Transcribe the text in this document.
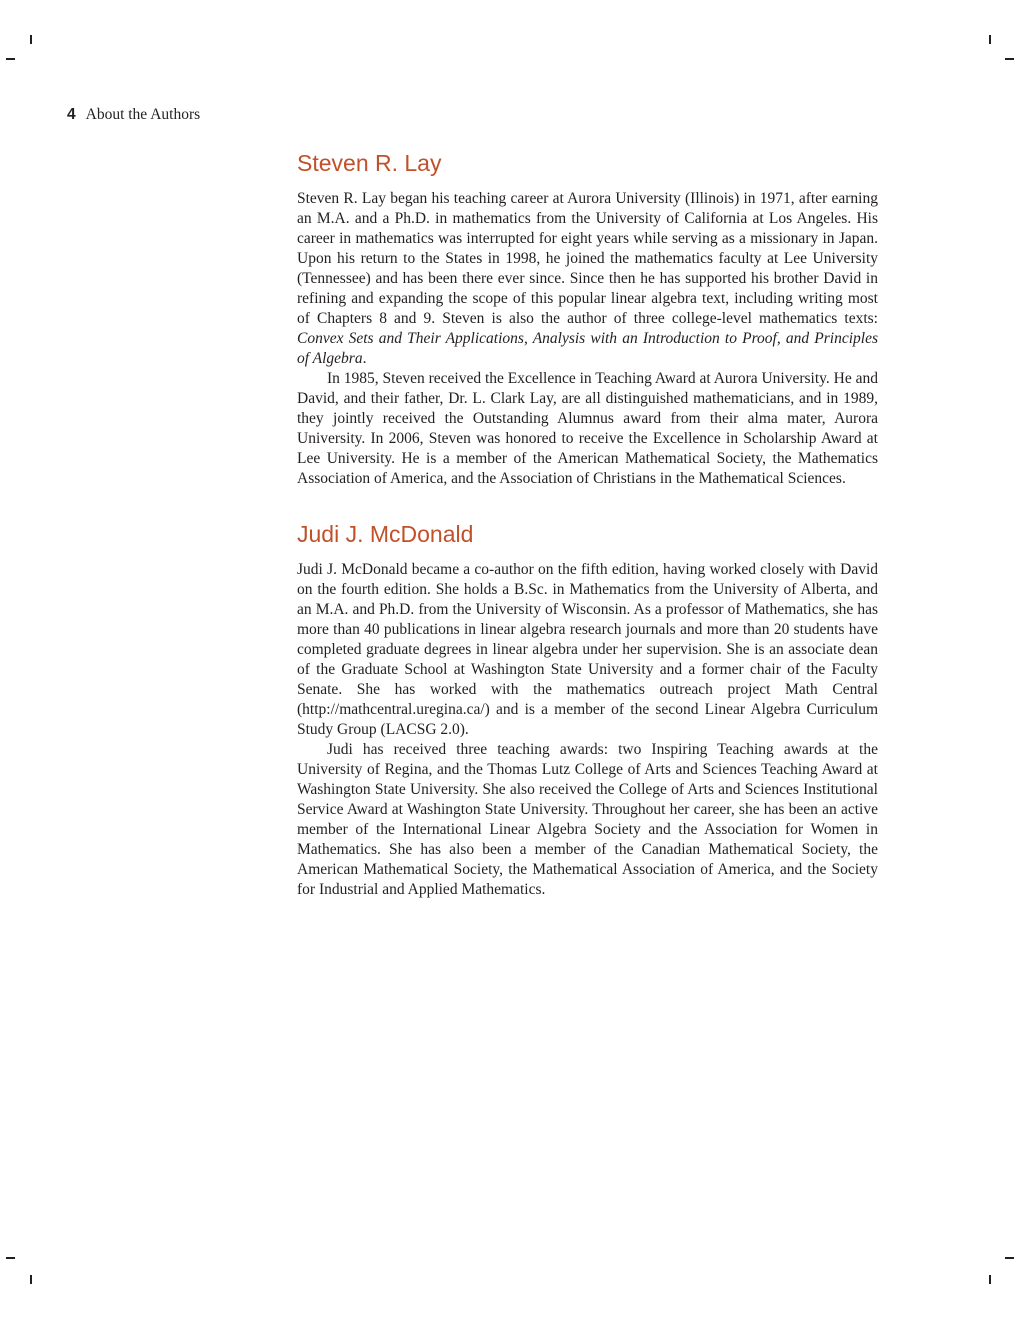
4 About the Authors
Steven R. Lay

Steven R. Lay began his teaching career at Aurora University (Illinois) in 1971, after earning an M.A. and a Ph.D. in mathematics from the University of California at Los Angeles. His career in mathematics was interrupted for eight years while serving as a missionary in Japan. Upon his return to the States in 1998, he joined the mathematics faculty at Lee University (Tennessee) and has been there ever since. Since then he has supported his brother David in refining and expanding the scope of this popular linear algebra text, including writing most of Chapters 8 and 9. Steven is also the author of three college-level mathematics texts: Convex Sets and Their Applications, Analysis with an Introduction to Proof, and Principles of Algebra.

In 1985, Steven received the Excellence in Teaching Award at Aurora University. He and David, and their father, Dr. L. Clark Lay, are all distinguished mathematicians, and in 1989, they jointly received the Outstanding Alumnus award from their alma mater, Aurora University. In 2006, Steven was honored to receive the Excellence in Scholarship Award at Lee University. He is a member of the American Mathematical Society, the Mathematics Association of America, and the Association of Christians in the Mathematical Sciences.

Judi J. McDonald

Judi J. McDonald became a co-author on the fifth edition, having worked closely with David on the fourth edition. She holds a B.Sc. in Mathematics from the University of Alberta, and an M.A. and Ph.D. from the University of Wisconsin. As a professor of Mathematics, she has more than 40 publications in linear algebra research journals and more than 20 students have completed graduate degrees in linear algebra under her supervision. She is an associate dean of the Graduate School at Washington State University and a former chair of the Faculty Senate. She has worked with the mathematics outreach project Math Central (http://mathcentral.uregina.ca/) and is a member of the second Linear Algebra Curriculum Study Group (LACSG 2.0).

Judi has received three teaching awards: two Inspiring Teaching awards at the University of Regina, and the Thomas Lutz College of Arts and Sciences Teaching Award at Washington State University. She also received the College of Arts and Sciences Institutional Service Award at Washington State University. Throughout her career, she has been an active member of the International Linear Algebra Society and the Association for Women in Mathematics. She has also been a member of the Canadian Mathematical Society, the American Mathematical Society, the Mathematical Association of America, and the Society for Industrial and Applied Mathematics.
